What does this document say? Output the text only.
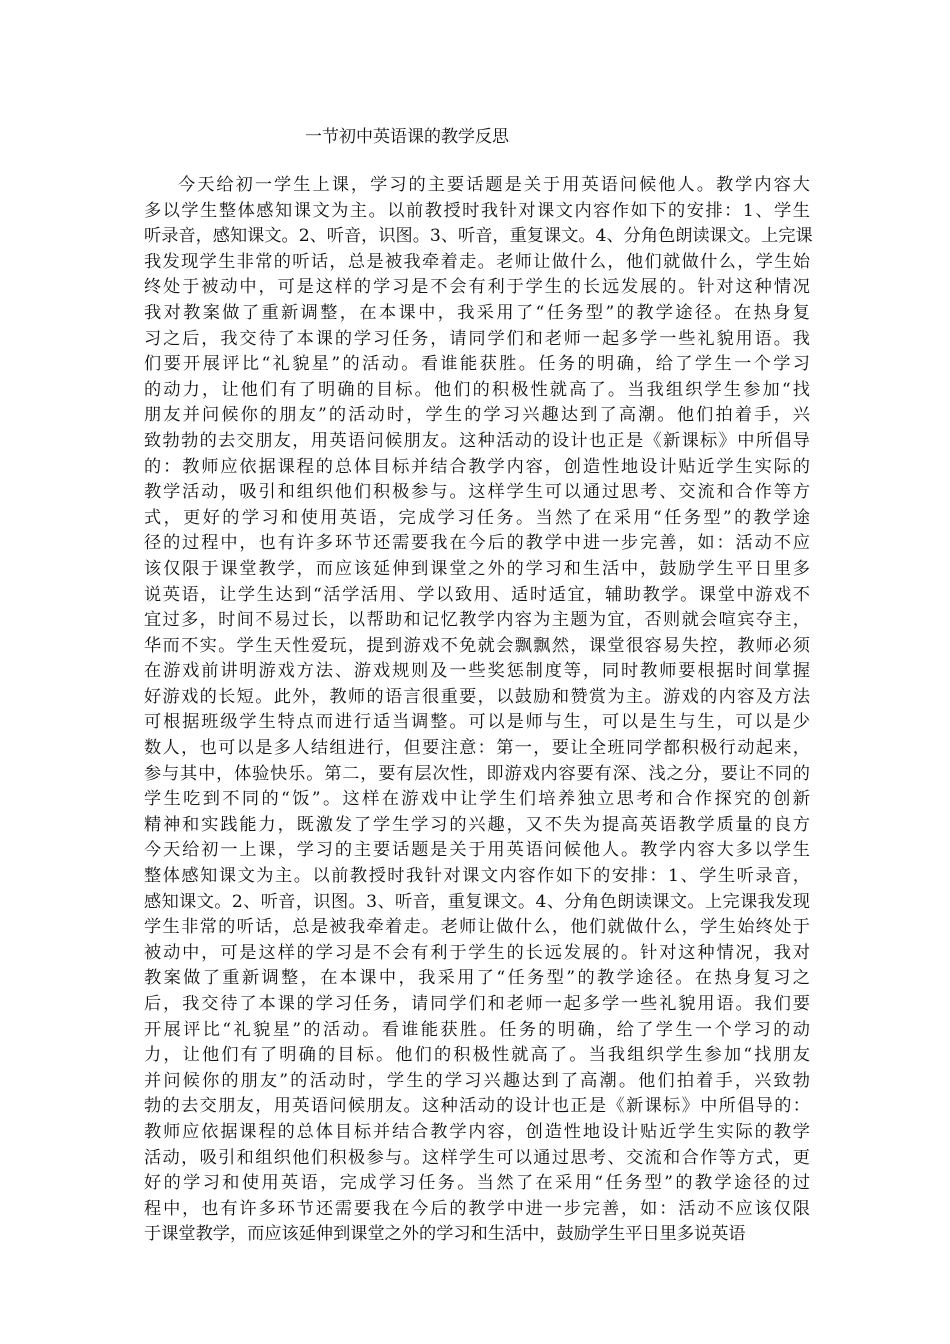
一节初中英语课的教学反思
今天给初一学生上课，学习的主要话题是关于用英语问候他人。教学内容大
多以学生整体感知课文为主。以前教授时我针对课文内容作如下的安排：1、学生
听录音，感知课文。2、听音，识图。3、听音，重复课文。4、分角色朗读课文。上完课
我发现学生非常的听话，总是被我牵着走。老师让做什么，他们就做什么，学生始
终处于被动中，可是这样的学习是不会有利于学生的长远发展的。针对这种情况
我对教案做了重新调整，在本课中，我采用了“任务型”的教学途径。在热身复
习之后，我交待了本课的学习任务，请同学们和老师一起多学一些礼貌用语。我
们要开展评比“礼貌星”的活动。看谁能获胜。任务的明确，给了学生一个学习
的动力，让他们有了明确的目标。他们的积极性就高了。当我组织学生参加“找
朋友并问候你的朋友”的活动时，学生的学习兴趣达到了高潮。他们拍着手，兴
致勃勃的去交朋友，用英语问候朋友。这种活动的设计也正是《新课标》中所倡导
的：教师应依据课程的总体目标并结合教学内容，创造性地设计贴近学生实际的
教学活动，吸引和组织他们积极参与。这样学生可以通过思考、交流和合作等方
式，更好的学习和使用英语，完成学习任务。当然了在采用“任务型”的教学途
径的过程中，也有许多环节还需要我在今后的教学中进一步完善，如：活动不应
该仅限于课堂教学，而应该延伸到课堂之外的学习和生活中，鼓励学生平日里多
说英语，让学生达到“活学活用、学以致用、适时适宜，辅助教学。课堂中游戏不
宜过多，时间不易过长，以帮助和记忆教学内容为主题为宜，否则就会喧宾夺主，
华而不实。学生天性爱玩，提到游戏不免就会飘飘然，课堂很容易失控，教师必须
在游戏前讲明游戏方法、游戏规则及一些奖惩制度等，同时教师要根据时间掌握
好游戏的长短。此外，教师的语言很重要，以鼓励和赞赏为主。游戏的内容及方法
可根据班级学生特点而进行适当调整。可以是师与生，可以是生与生，可以是少
数人，也可以是多人结组进行，但要注意：第一，要让全班同学都积极行动起来，
参与其中，体验快乐。第二，要有层次性，即游戏内容要有深、浅之分，要让不同的
学生吃到不同的“饭”。这样在游戏中让学生们培养独立思考和合作探究的创新
精神和实践能力，既激发了学生学习的兴趣，又不失为提高英语教学质量的良方
今天给初一上课，学习的主要话题是关于用英语问候他人。教学内容大多以学生
整体感知课文为主。以前教授时我针对课文内容作如下的安排：1、学生听录音，
感知课文。2、听音，识图。3、听音，重复课文。4、分角色朗读课文。上完课我发现
学生非常的听话，总是被我牵着走。老师让做什么，他们就做什么，学生始终处于
被动中，可是这样的学习是不会有利于学生的长远发展的。针对这种情况，我对
教案做了重新调整，在本课中，我采用了“任务型”的教学途径。在热身复习之
后，我交待了本课的学习任务，请同学们和老师一起多学一些礼貌用语。我们要
开展评比“礼貌星”的活动。看谁能获胜。任务的明确，给了学生一个学习的动
力，让他们有了明确的目标。他们的积极性就高了。当我组织学生参加“找朋友
并问候你的朋友”的活动时，学生的学习兴趣达到了高潮。他们拍着手，兴致勃
勃的去交朋友，用英语问候朋友。这种活动的设计也正是《新课标》中所倡导的：
教师应依据课程的总体目标并结合教学内容，创造性地设计贴近学生实际的教学
活动，吸引和组织他们积极参与。这样学生可以通过思考、交流和合作等方式，更
好的学习和使用英语，完成学习任务。当然了在采用“任务型”的教学途径的过
程中，也有许多环节还需要我在今后的教学中进一步完善，如：活动不应该仅限
于课堂教学，而应该延伸到课堂之外的学习和生活中，鼓励学生平日里多说英语
